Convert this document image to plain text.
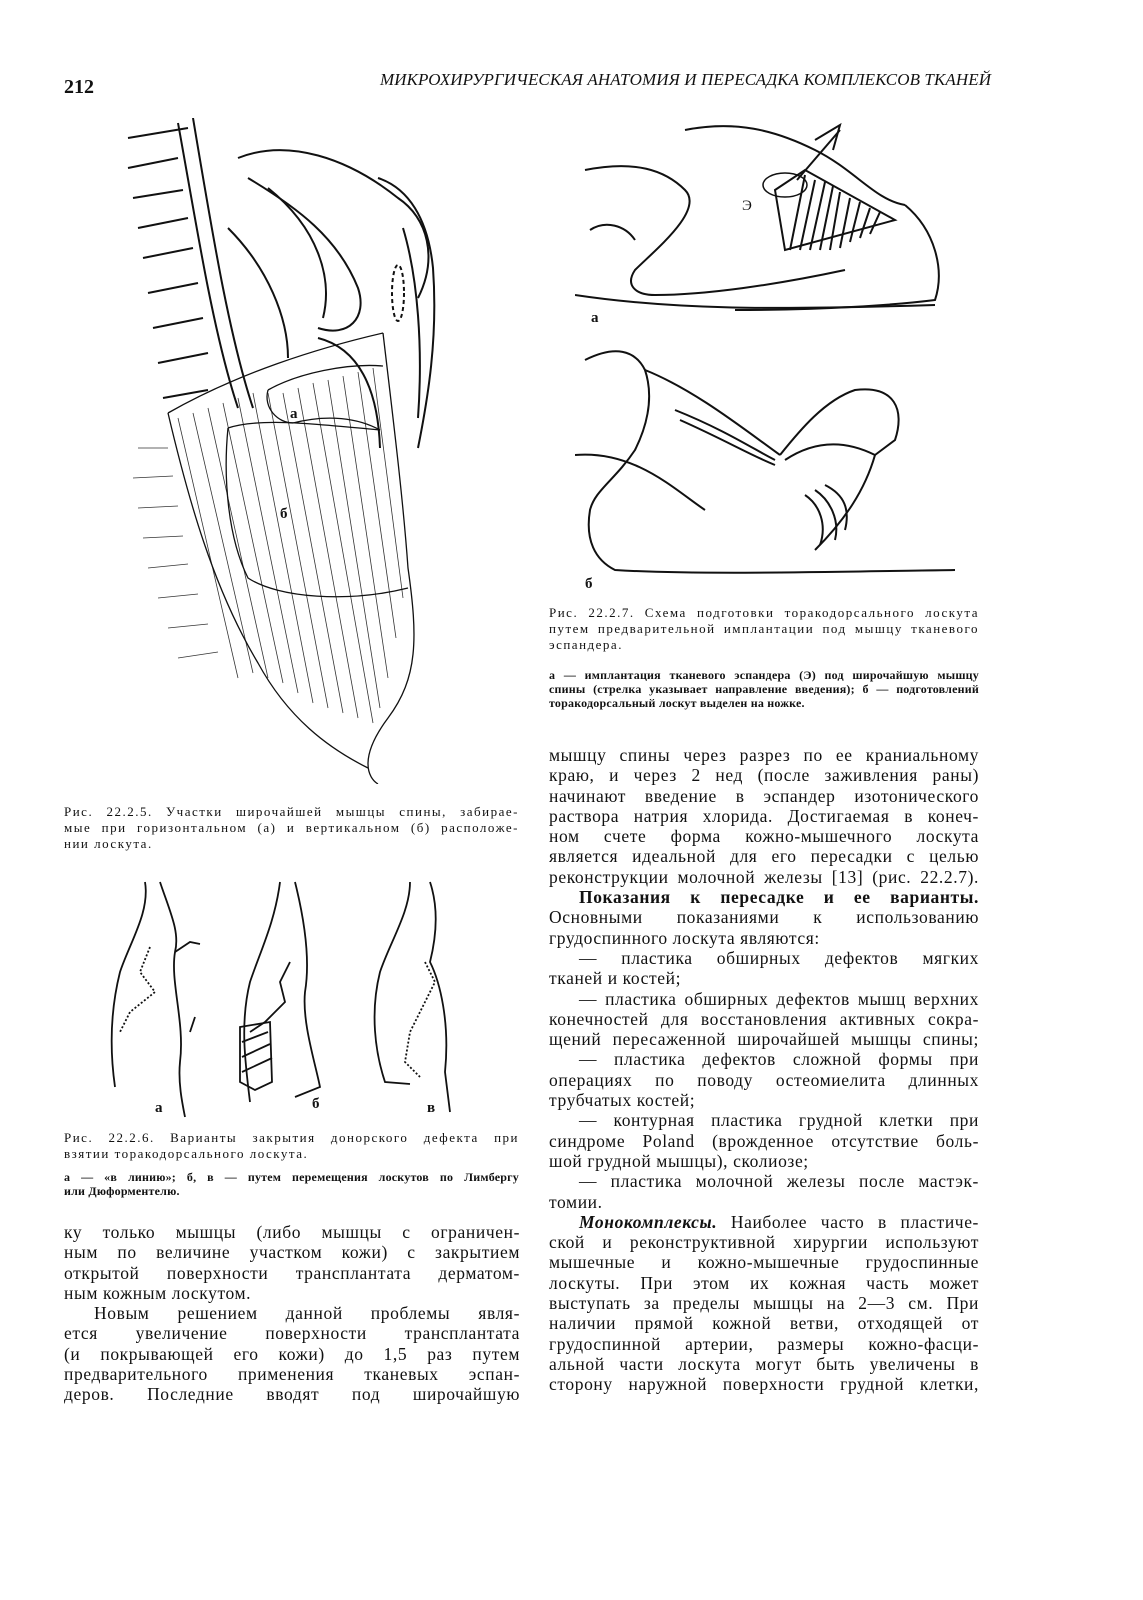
212	МИКРОХИРУРГИЧЕСКАЯ АНАТОМИЯ И ПЕРЕСАДКА КОМПЛЕКСОВ ТКАНЕЙ
а
б
Рис. 22.2.5. Участки широчайшей мышцы спины, забирае-
мые при горизонтальном (а) и вертикальном (б) расположе-
нии лоскута.
а	б	в
Рис. 22.2.6. Варианты закрытия донорского дефекта при
взятии торакодорсального лоскута.
а — «в линию»; б, в — путем перемещения лоскутов по Лимбергу
или Дюформентелю.
Э
а
б
Рис. 22.2.7. Схема подготовки торакодорсального лоскута
путем предварительной имплантации под мышцу тканевого
эспандера.
а — имплантация тканевого эспандера (Э) под широчайшую мышцу
спины (стрелка указывает направление введения); б — подготовлений
торакодорсальный лоскут выделен на ножке.
ку только мышцы (либо мышцы с ограничен-
ным по величине участком кожи) с закрытием
открытой поверхности трансплантата дерматом-
ным кожным лоскутом.
Новым решением данной проблемы явля-
ется увеличение поверхности трансплантата
(и покрывающей его кожи) до 1,5 раз путем
предварительного применения тканевых эспан-
деров. Последние вводят под широчайшую
мышцу спины через разрез по ее краниальному
краю, и через 2 нед (после заживления раны)
начинают введение в эспандер изотонического
раствора натрия хлорида. Достигаемая в конеч-
ном счете форма кожно-мышечного лоскута
является идеальной для его пересадки с целью
реконструкции молочной железы [13] (рис. 22.2.7).
Показания к пересадке и ее варианты.
Основными показаниями к использованию
грудоспинного лоскута являются:
— пластика обширных дефектов мягких
тканей и костей;
— пластика обширных дефектов мышц верхних
конечностей для восстановления активных сокра-
щений пересаженной широчайшей мышцы спины;
— пластика дефектов сложной формы при
операциях по поводу остеомиелита длинных
трубчатых костей;
— контурная пластика грудной клетки при
синдроме Poland (врожденное отсутствие боль-
шой грудной мышцы), сколиозе;
— пластика молочной железы после мастэк-
томии.
Монокомплексы. Наиболее часто в пластиче-
ской и реконструктивной хирургии используют
мышечные и кожно-мышечные грудоспинные
лоскуты. При этом их кожная часть может
выступать за пределы мышцы на 2—3 см. При
наличии прямой кожной ветви, отходящей от
грудоспинной артерии, размеры кожно-фасци-
альной части лоскута могут быть увеличены в
сторону наружной поверхности грудной клетки,
